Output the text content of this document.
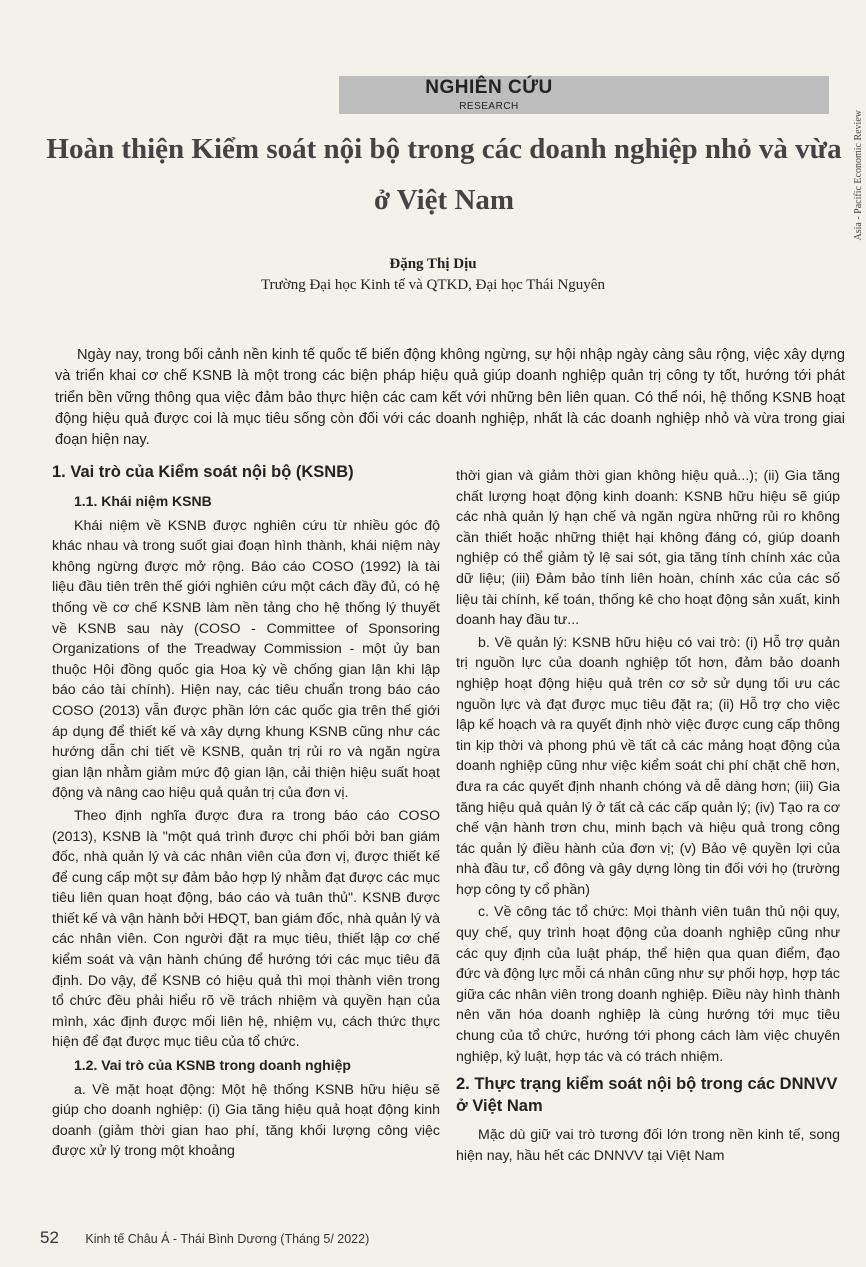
NGHIÊN CỨU
RESEARCH
Asia - Pacific Economic Review
Hoàn thiện Kiểm soát nội bộ trong các doanh nghiệp nhỏ và vừa ở Việt Nam
Đặng Thị Dịu
Trường Đại học Kinh tế và QTKD, Đại học Thái Nguyên

Ngày nay, trong bối cảnh nền kinh tế quốc tế biến động không ngừng, sự hội nhập ngày càng sâu rộng, việc xây dựng và triển khai cơ chế KSNB là một trong các biện pháp hiệu quả giúp doanh nghiệp quản trị công ty tốt, hướng tới phát triển bền vững thông qua việc đảm bảo thực hiện các cam kết với những bên liên quan. Có thể nói, hệ thống KSNB hoạt động hiệu quả được coi là mục tiêu sống còn đối với các doanh nghiệp, nhất là các doanh nghiệp nhỏ và vừa trong giai đoạn hiện nay.

1. Vai trò của Kiểm soát nội bộ (KSNB)
1.1. Khái niệm KSNB

Khái niệm về KSNB được nghiên cứu từ nhiều góc độ khác nhau và trong suốt giai đoạn hình thành, khái niệm này không ngừng được mở rộng. Báo cáo COSO (1992) là tài liệu đầu tiên trên thế giới nghiên cứu một cách đầy đủ, có hệ thống về cơ chế KSNB làm nền tảng cho hệ thống lý thuyết về KSNB sau này (COSO - Committee of Sponsoring Organizations of the Treadway Commission - một ủy ban thuộc Hội đồng quốc gia Hoa kỳ về chống gian lận khi lập báo cáo tài chính). Hiện nay, các tiêu chuẩn trong báo cáo COSO (2013) vẫn được phần lớn các quốc gia trên thế giới áp dụng để thiết kế và xây dựng khung KSNB cũng như các hướng dẫn chi tiết về KSNB, quản trị rủi ro và ngăn ngừa gian lận nhằm giảm mức độ gian lận, cải thiện hiệu suất hoạt động và nâng cao hiệu quả quản trị của đơn vị.

Theo định nghĩa được đưa ra trong báo cáo COSO (2013), KSNB là "một quá trình được chi phối bởi ban giám đốc, nhà quản lý và các nhân viên của đơn vị, được thiết kế để cung cấp một sự đảm bảo hợp lý nhằm đạt được các mục tiêu liên quan hoạt động, báo cáo và tuân thủ". KSNB được thiết kế và vận hành bởi HĐQT, ban giám đốc, nhà quản lý và các nhân viên. Con người đặt ra mục tiêu, thiết lập cơ chế kiểm soát và vận hành chúng để hướng tới các mục tiêu đã định. Do vậy, để KSNB có hiệu quả thì mọi thành viên trong tổ chức đều phải hiểu rõ về trách nhiệm và quyền hạn của mình, xác định được mối liên hệ, nhiệm vụ, cách thức thực hiện để đạt được mục tiêu của tổ chức.

1.2. Vai trò của KSNB trong doanh nghiệp

a. Về mặt hoạt động: Một hệ thống KSNB hữu hiệu sẽ giúp cho doanh nghiệp: (i) Gia tăng hiệu quả hoạt động kinh doanh (giảm thời gian hao phí, tăng khối lượng công việc được xử lý trong một khoảng

thời gian và giảm thời gian không hiệu quả...); (ii) Gia tăng chất lượng hoạt động kinh doanh: KSNB hữu hiệu sẽ giúp các nhà quản lý hạn chế và ngăn ngừa những rủi ro không cần thiết hoặc những thiệt hại không đáng có, giúp doanh nghiệp có thể giảm tỷ lệ sai sót, gia tăng tính chính xác của dữ liệu; (iii) Đảm bảo tính liên hoàn, chính xác của các số liệu tài chính, kế toán, thống kê cho hoạt động sản xuất, kinh doanh hay đầu tư...

b. Về quản lý: KSNB hữu hiệu có vai trò: (i) Hỗ trợ quản trị nguồn lực của doanh nghiệp tốt hơn, đảm bảo doanh nghiệp hoạt động hiệu quả trên cơ sở sử dụng tối ưu các nguồn lực và đạt được mục tiêu đặt ra; (ii) Hỗ trợ cho việc lập kế hoạch và ra quyết định nhờ việc được cung cấp thông tin kịp thời và phong phú về tất cả các mảng hoạt động của doanh nghiệp cũng như việc kiểm soát chi phí chặt chẽ hơn, đưa ra các quyết định nhanh chóng và dễ dàng hơn; (iii) Gia tăng hiệu quả quản lý ở tất cả các cấp quản lý; (iv) Tạo ra cơ chế vận hành trơn chu, minh bạch và hiệu quả trong công tác quản lý điều hành của đơn vị; (v) Bảo vệ quyền lợi của nhà đầu tư, cổ đông và gây dựng lòng tin đối với họ (trường hợp công ty cổ phần)

c. Về công tác tổ chức: Mọi thành viên tuân thủ nội quy, quy chế, quy trình hoạt động của doanh nghiệp cũng như các quy định của luật pháp, thể hiện qua quan điểm, đạo đức và động lực mỗi cá nhân cũng như sự phối hợp, hợp tác giữa các nhân viên trong doanh nghiệp. Điều này hình thành nên văn hóa doanh nghiệp là cùng hướng tới mục tiêu chung của tổ chức, hướng tới phong cách làm việc chuyên nghiệp, kỷ luật, hợp tác và có trách nhiệm.

2. Thực trạng kiểm soát nội bộ trong các DNNVV ở Việt Nam

Mặc dù giữ vai trò tương đối lớn trong nền kinh tế, song hiện nay, hầu hết các DNNVV tại Việt Nam

52 Kinh tế Châu Á - Thái Bình Dương (Tháng 5/ 2022)
